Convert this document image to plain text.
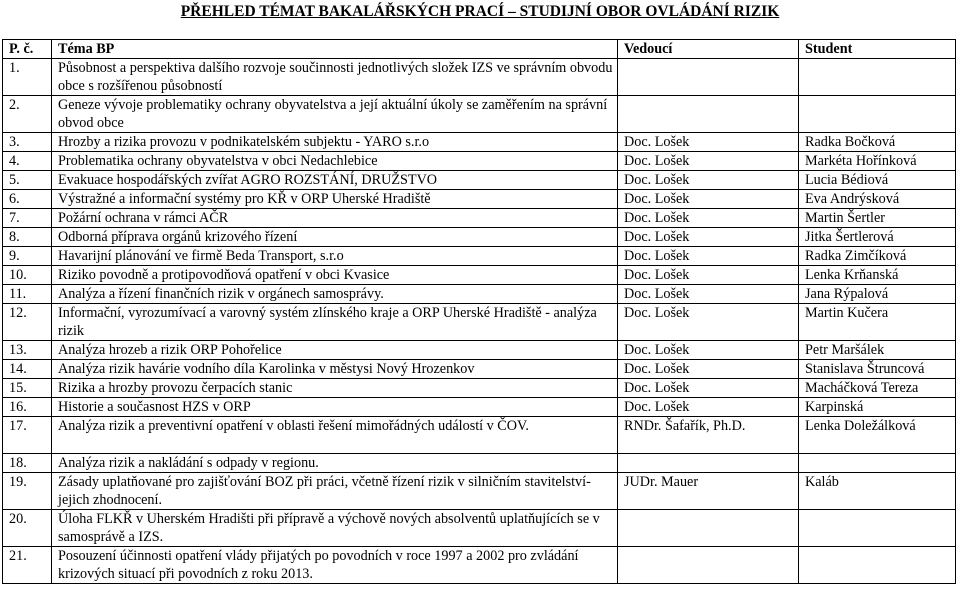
PŘEHLED TÉMAT BAKALÁŘSKÝCH PRACÍ – STUDIJNÍ OBOR OVLÁDÁNÍ RIZIK
P. č.	Téma BP	Vedoucí	Student
1.	Působnost a perspektiva dalšího rozvoje součinnosti jednotlivých složek IZS ve správním obvodu obce s rozšířenou působností		
2.	Geneze vývoje problematiky ochrany obyvatelstva a její aktuální úkoly se zaměřením na správní obvod obce		
3.	Hrozby a rizika provozu v podnikatelském subjektu - YARO s.r.o	Doc. Lošek	Radka Bočková
4.	Problematika ochrany obyvatelstva v obci Nedachlebice	Doc. Lošek	Markéta Hořínková
5.	Evakuace hospodářských zvířat AGRO ROZSTÁNÍ, DRUŽSTVO	Doc. Lošek	Lucia Bédiová
6.	Výstražné a informační systémy pro KŘ v ORP Uherské Hradiště	Doc. Lošek	Eva Andrýsková
7.	Požární ochrana v rámci AČR	Doc. Lošek	Martin Šertler
8.	Odborná příprava orgánů krizového řízení	Doc. Lošek	Jitka Šertlerová
9.	Havarijní plánování ve firmě Beda Transport, s.r.o	Doc. Lošek	Radka Zimčíková
10.	Riziko povodně a protipovodňová opatření v obci Kvasice	Doc. Lošek	Lenka Krňanská
11.	Analýza a řízení finančních rizik v orgánech samosprávy.	Doc. Lošek	Jana Rýpalová
12.	Informační, vyrozumívací a varovný systém zlínského kraje a ORP Uherské Hradiště - analýza rizik	Doc. Lošek	Martin Kučera
13.	Analýza hrozeb a rizik ORP Pohořelice	Doc. Lošek	Petr Maršálek
14.	Analýza rizik havárie vodního díla Karolinka v městysi Nový Hrozenkov	Doc. Lošek	Stanislava Štruncová
15.	Rizika a hrozby provozu čerpacích stanic	Doc. Lošek	Macháčková Tereza
16.	Historie a současnost HZS v ORP	Doc. Lošek	Karpinská
17.	Analýza rizik a preventivní opatření v oblasti řešení mimořádných událostí v ČOV.	RNDr. Šafařík, Ph.D.	Lenka Doležálková
18.	Analýza rizik a nakládání s odpady v regionu.		
19.	Zásady uplatňované pro zajišťování BOZ při práci, včetně řízení rizik v silničním stavitelství-jejich zhodnocení.	JUDr. Mauer	Kaláb
20.	Úloha FLKŘ v Uherském Hradišti při přípravě a výchově nových absolventů uplatňujících se v samosprávě a IZS.		
21.	Posouzení účinnosti opatření vlády přijatých po povodních v roce 1997 a 2002 pro zvládání krizových situací při povodních z roku 2013.		
